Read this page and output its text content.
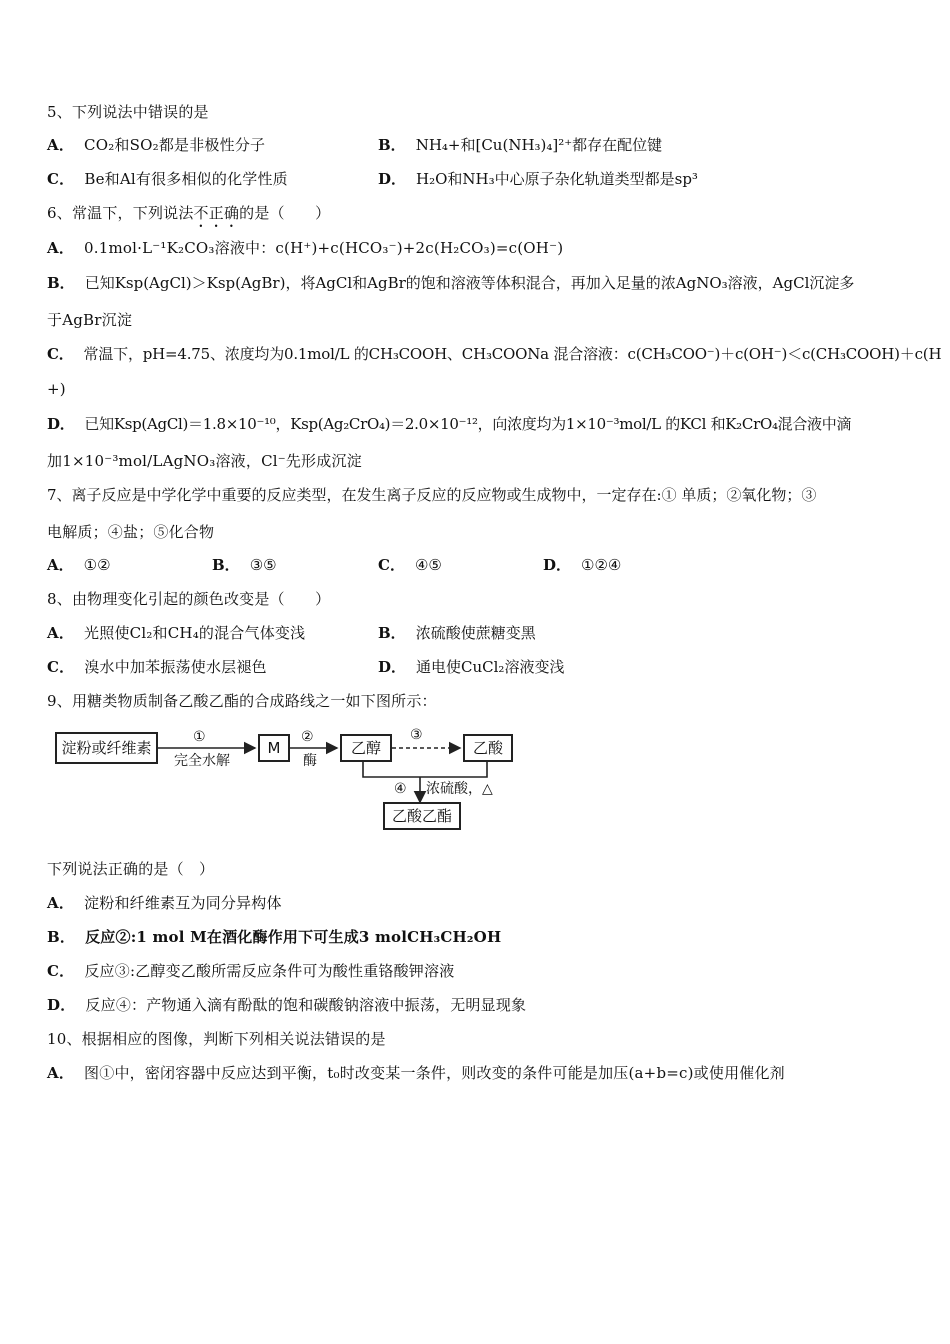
5、下列说法中错误的是
A． CO₂和SO₂都是非极性分子	B． NH₄+和[Cu(NH₃)₄]²⁺都存在配位键
C． Be和Al有很多相似的化学性质	D． H₂O和NH₃中心原子杂化轨道类型都是sp³
6、常温下，下列说法不正确的是（　　）
A． 0.1mol·L⁻¹K₂CO₃溶液中：c(H⁺)+c(HCO₃⁻)+2c(H₂CO₃)=c(OH⁻)
B． 已知Ksp(AgCl)＞Ksp(AgBr)，将AgCl和AgBr的饱和溶液等体积混合，再加入足量的浓AgNO₃溶液，AgCl沉淀多
于AgBr沉淀
C． 常温下，pH=4.75、浓度均为0.1mol/L 的CH₃COOH、CH₃COONa 混合溶液：c(CH₃COO⁻)＋c(OH⁻)＜c(CH₃COOH)＋c(H
+)
D． 已知Ksp(AgCl)＝1.8×10⁻¹⁰，Ksp(Ag₂CrO₄)＝2.0×10⁻¹²，向浓度均为1×10⁻³mol/L 的KCl 和K₂CrO₄混合液中滴
加1×10⁻³mol/LAgNO₃溶液，Cl⁻先形成沉淀
7、离子反应是中学化学中重要的反应类型，在发生离子反应的反应物或生成物中，一定存在:① 单质；②氧化物；③
电解质；④盐；⑤化合物
A． ①②	B． ③⑤	C． ④⑤	D． ①②④
8、由物理变化引起的颜色改变是（　　）
A． 光照使Cl₂和CH₄的混合气体变浅	B． 浓硫酸使蔗糖变黑
C． 溴水中加苯振荡使水层褪色	D． 通电使CuCl₂溶液变浅
9、用糖类物质制备乙酸乙酯的合成路线之一如下图所示：
淀粉或纤维素	M	乙醇	乙酸
乙酸乙酯
①
完全水解
②
酶
③
④ 浓硫酸，△
下列说法正确的是（　）
A． 淀粉和纤维素互为同分异构体
B． 反应②:1 mol M在酒化酶作用下可生成3 molCH₃CH₂OH
C． 反应③:乙醇变乙酸所需反应条件可为酸性重铬酸钾溶液
D． 反应④：产物通入滴有酚酞的饱和碳酸钠溶液中振荡，无明显现象
10、根据相应的图像，判断下列相关说法错误的是
A． 图①中，密闭容器中反应达到平衡，t₀时改变某一条件，则改变的条件可能是加压(a+b=c)或使用催化剂
